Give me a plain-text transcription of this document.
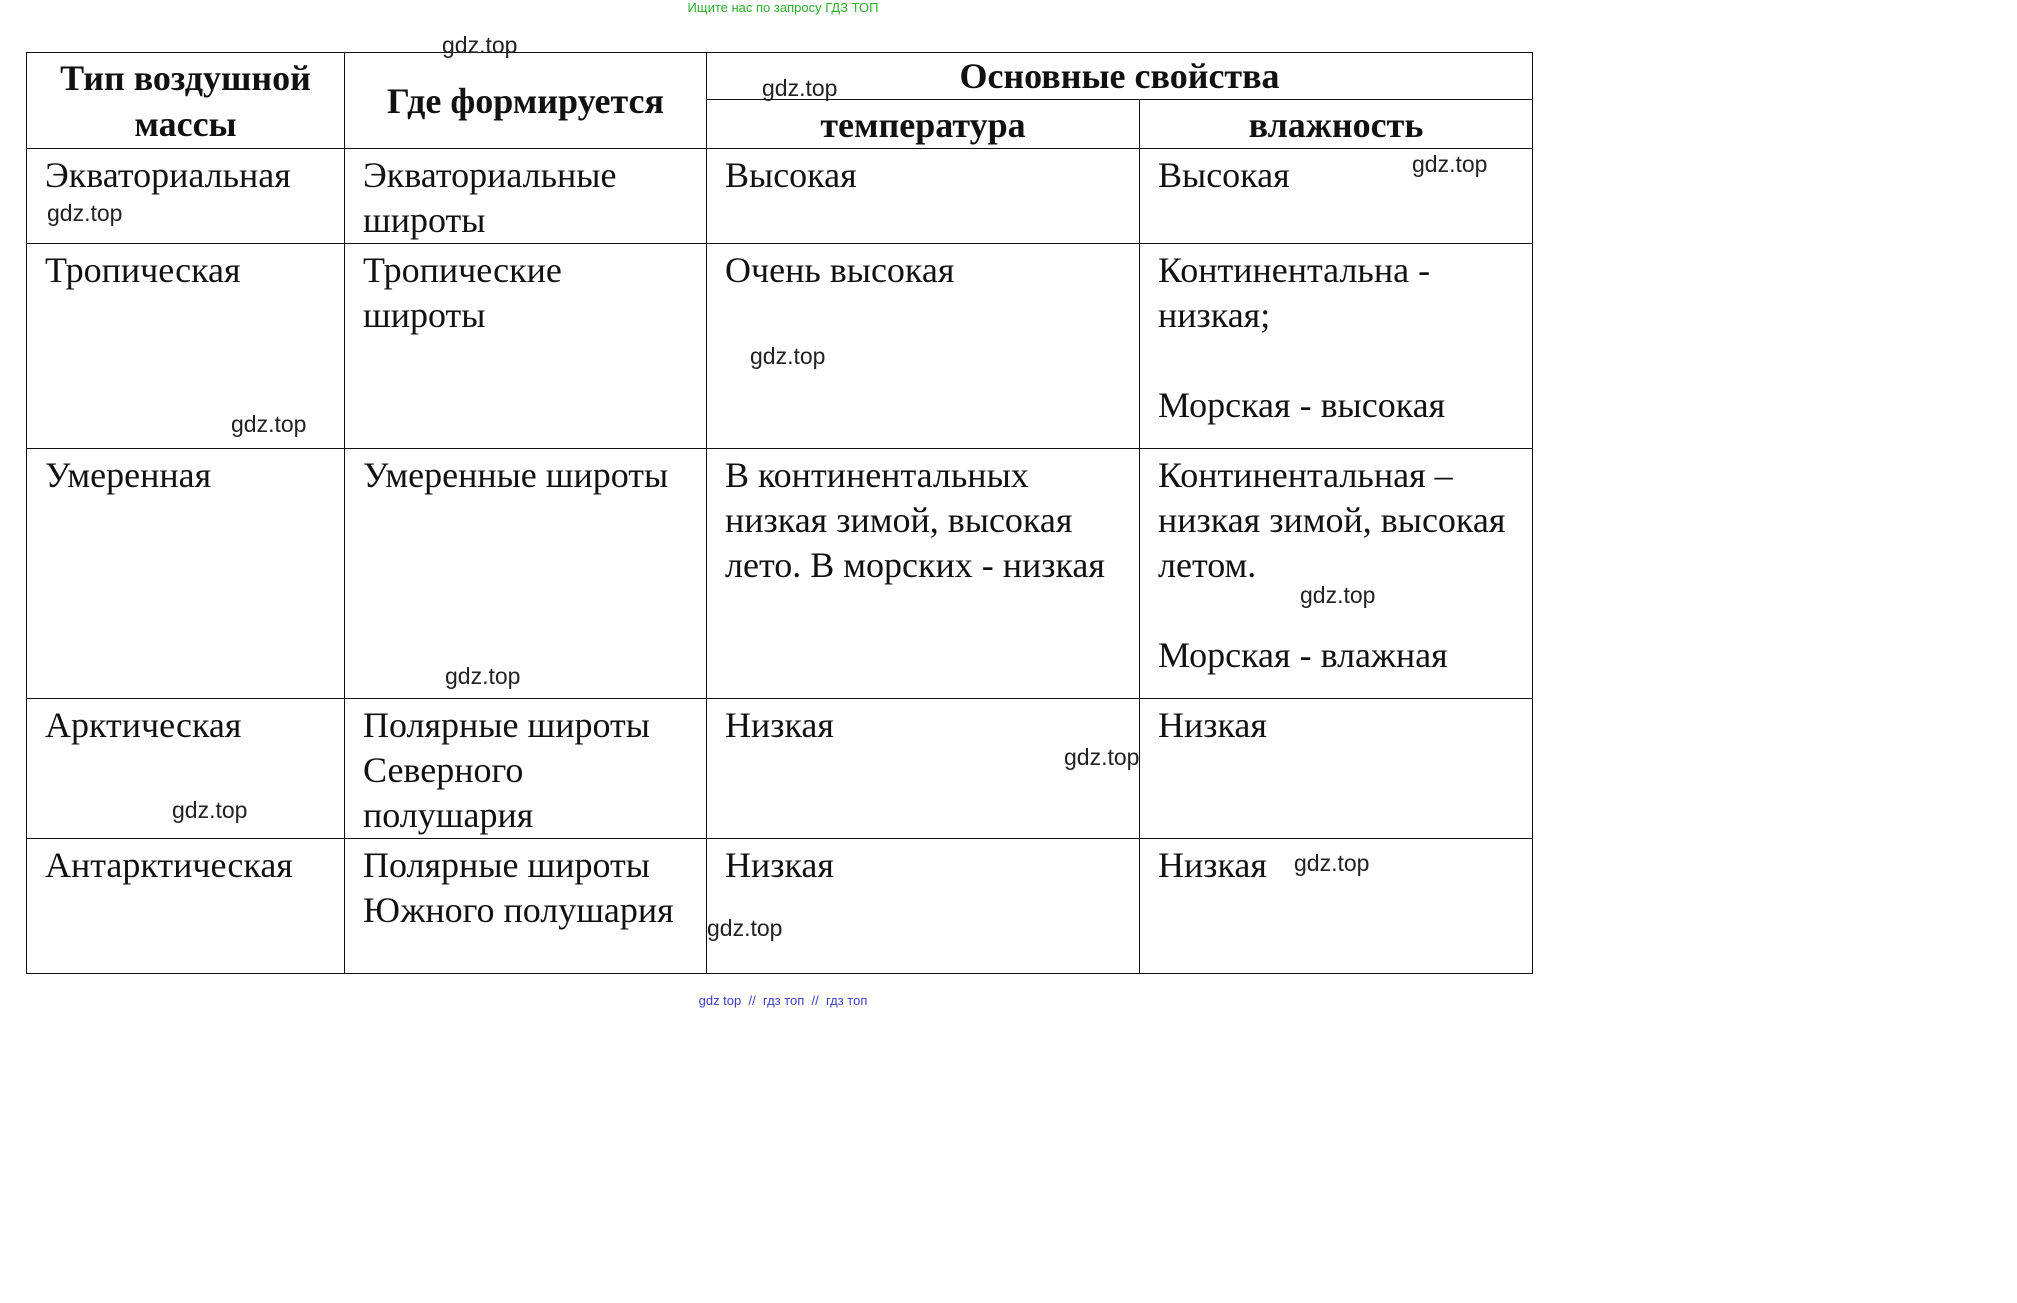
Ищите нас по запросу ГДЗ ТОП
Тип воздушной массы	Где формируется	Основные свойства	
		температура	влажность
Экваториальная	Экваториальные широты	Высокая	Высокая
Тропическая	Тропические широты	Очень высокая	Континентальна - низкая;
Морская - высокая
Умеренная	Умеренные широты	В континентальных низкая зимой, высокая лето. В морских - низкая	Континентальная – низкая зимой, высокая летом.
Морская - влажная
Арктическая	Полярные широты Северного полушария	Низкая	Низкая
Антарктическая	Полярные широты Южного полушария	Низкая	Низкая
gdz.top
gdz.top
gdz.top
gdz.top
gdz.top
gdz.top
gdz.top
gdz.top
gdz.top
gdz.top
gdz.top
gdz.top
gdz top  //  гдз топ  //  гдз топ
